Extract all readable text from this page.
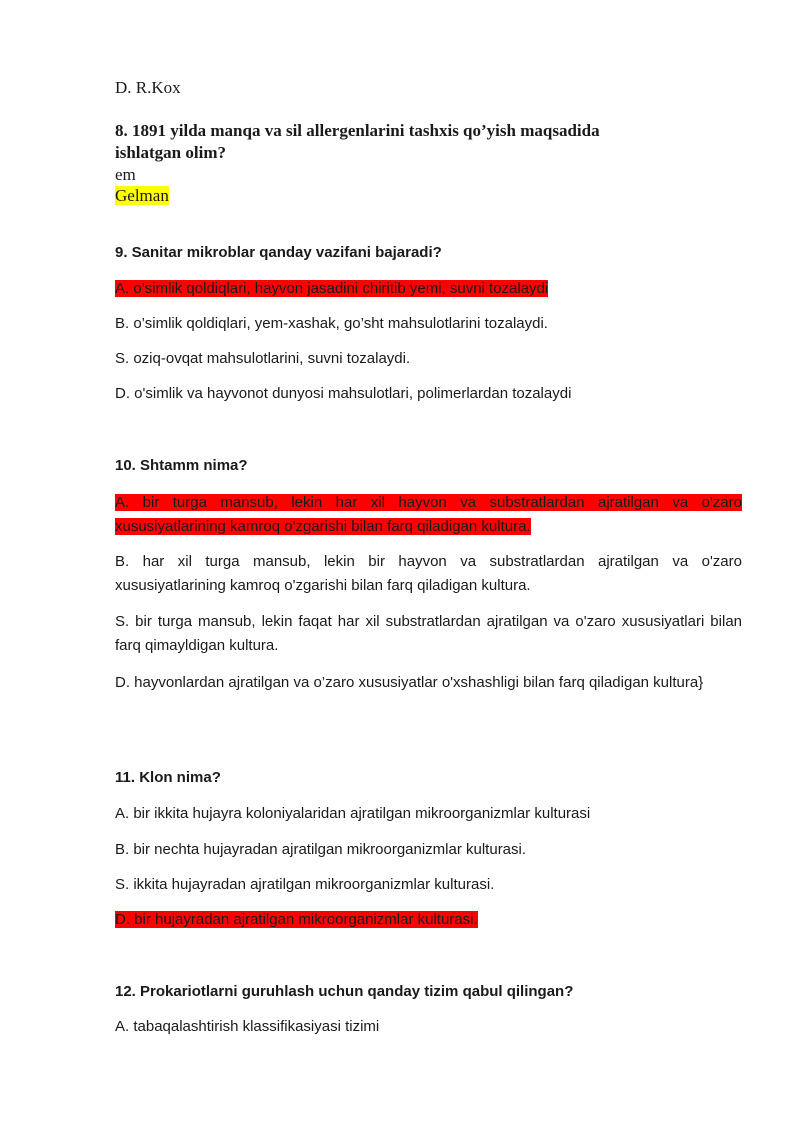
D. R.Kox
8. 1891 yilda manqa va sil allergenlarini tashxis qo’yish maqsadida
ishlatgan olim?
em
Gelman
9. Sanitar mikroblar qanday vazifani bajaradi?
A. o’simlik qoldiqlari, hayvon jasadini chiritib yemi, suvni tozalaydi
B. o’simlik qoldiqlari, yem-xashak, go’sht mahsulotlarini tozalaydi.
S. oziq-ovqat mahsulotlarini, suvni tozalaydi.
D. o'simlik va hayvonot dunyosi mahsulotlari, polimerlardan tozalaydi
10. Shtamm nima?
A. bir turga mansub, lekin har xil hayvon va substratlardan ajratilgan va o'zaro xususiyatlarining kamroq o'zgarishi bilan farq qiladigan kultura.
B. har xil turga mansub, lekin bir hayvon va substratlardan ajratilgan va o'zaro xususiyatlarining kamroq o'zgarishi bilan farq qiladigan kultura.
S. bir turga mansub, lekin faqat har xil substratlardan ajratilgan va o'zaro xususiyatlari bilan farq qimayldigan kultura.
D. hayvonlardan ajratilgan va o’zaro xususiyatlar o'xshashligi bilan farq qiladigan kultura}
11. Klon nima?
A. bir ikkita hujayra koloniyalaridan ajratilgan mikroorganizmlar kulturasi
B. bir nechta hujayradan ajratilgan mikroorganizmlar kulturasi.
S. ikkita hujayradan ajratilgan mikroorganizmlar kulturasi.
D. bir hujayradan ajratilgan mikroorganizmlar kulturasi.
12. Prokariotlarni guruhlash uchun qanday tizim qabul qilingan?
A. tabaqalashtirish klassifikasiyasi tizimi
